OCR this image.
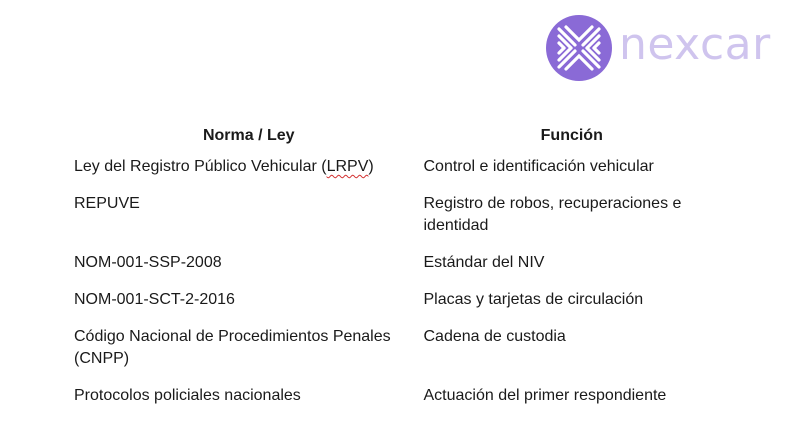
nexcar
Norma / Ley	Función
Ley del Registro Público Vehicular (LRPV)	Control e identificación vehicular
REPUVE	Registro de robos, recuperaciones e identidad
NOM-001-SSP-2008	Estándar del NIV
NOM-001-SCT-2-2016	Placas y tarjetas de circulación
Código Nacional de Procedimientos Penales (CNPP)	Cadena de custodia
Protocolos policiales nacionales	Actuación del primer respondiente
